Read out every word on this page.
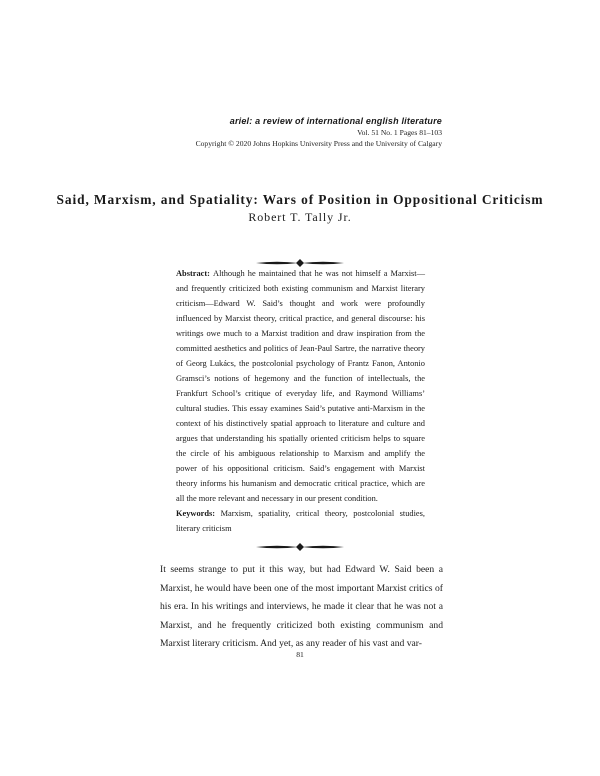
ariel: a review of international english literature
Vol. 51 No. 1 Pages 81–103
Copyright © 2020 Johns Hopkins University Press and the University of Calgary
Said, Marxism, and Spatiality: Wars of Position in Oppositional Criticism
Robert T. Tally Jr.
Abstract: Although he maintained that he was not himself a Marxist—and frequently criticized both existing communism and Marxist literary criticism—Edward W. Said’s thought and work were profoundly influenced by Marxist theory, critical practice, and general discourse: his writings owe much to a Marxist tradition and draw inspiration from the committed aesthetics and politics of Jean-Paul Sartre, the narrative theory of Georg Lukács, the postcolonial psychology of Frantz Fanon, Antonio Gramsci’s notions of hegemony and the function of intellectuals, the Frankfurt School’s critique of everyday life, and Raymond Williams’ cultural studies. This essay examines Said’s putative anti-Marxism in the context of his distinctively spatial approach to literature and culture and argues that understanding his spatially oriented criticism helps to square the circle of his ambiguous relationship to Marxism and amplify the power of his oppositional criticism. Said’s engagement with Marxist theory informs his humanism and democratic critical practice, which are all the more relevant and necessary in our present condition.
Keywords: Marxism, spatiality, critical theory, postcolonial studies, literary criticism

It seems strange to put it this way, but had Edward W. Said been a Marxist, he would have been one of the most important Marxist critics of his era. In his writings and interviews, he made it clear that he was not a Marxist, and he frequently criticized both existing communism and Marxist literary criticism. And yet, as any reader of his vast and var-

81
